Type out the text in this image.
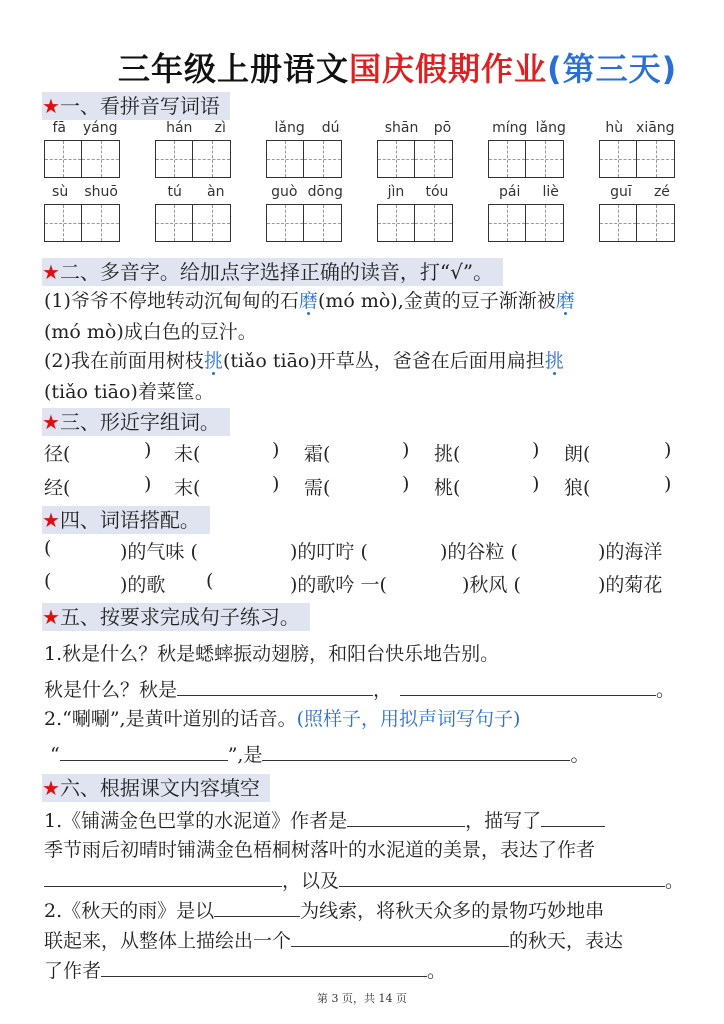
三年级上册语文国庆假期作业(第三天)
★一、看拼音写词语
fā yáng	hán zì	lǎng dú	shān pō	míng lǎng	hù xiāng
sù shuō	tú àn	guò dōng	jìn tóu	pái liè	guī zé
★二、多音字。给加点字选择正确的读音，打“√”。
(1)爷爷不停地转动沉甸甸的石磨(mó mò),金黄的豆子渐渐被磨
(mó mò)成白色的豆汁。
(2)我在前面用树枝挑(tiǎo tiāo)开草丛，爸爸在后面用扁担挑
(tiǎo tiāo)着菜筐。
★三、形近字组词。
径(	) 未(	) 霜(	) 挑(	) 朗(	)
经(	) 末(	) 需(	) 桃(	) 狼(	)
★四、词语搭配。
(	)的气味 (	)的叮咛 (	)的谷粒 (	)的海洋
(	)的歌 (	)的歌吟 一(	)秋风 (	)的菊花
★五、按要求完成句子练习。
1.秋是什么？秋是蟋蟀振动翅膀，和阳台快乐地告别。
秋是什么？秋是	，	。
2.“唰唰”,是黄叶道别的话音。(照样子，用拟声词写句子)
“	”,是	。
★六、根据课文内容填空
1.《铺满金色巴掌的水泥道》作者是	，描写了
季节雨后初晴时铺满金色梧桐树落叶的水泥道的美景，表达了作者
，以及	。
2.《秋天的雨》是以	为线索，将秋天众多的景物巧妙地串
联起来，从整体上描绘出一个	的秋天，表达
了作者	。
第 3 页，共 14 页
